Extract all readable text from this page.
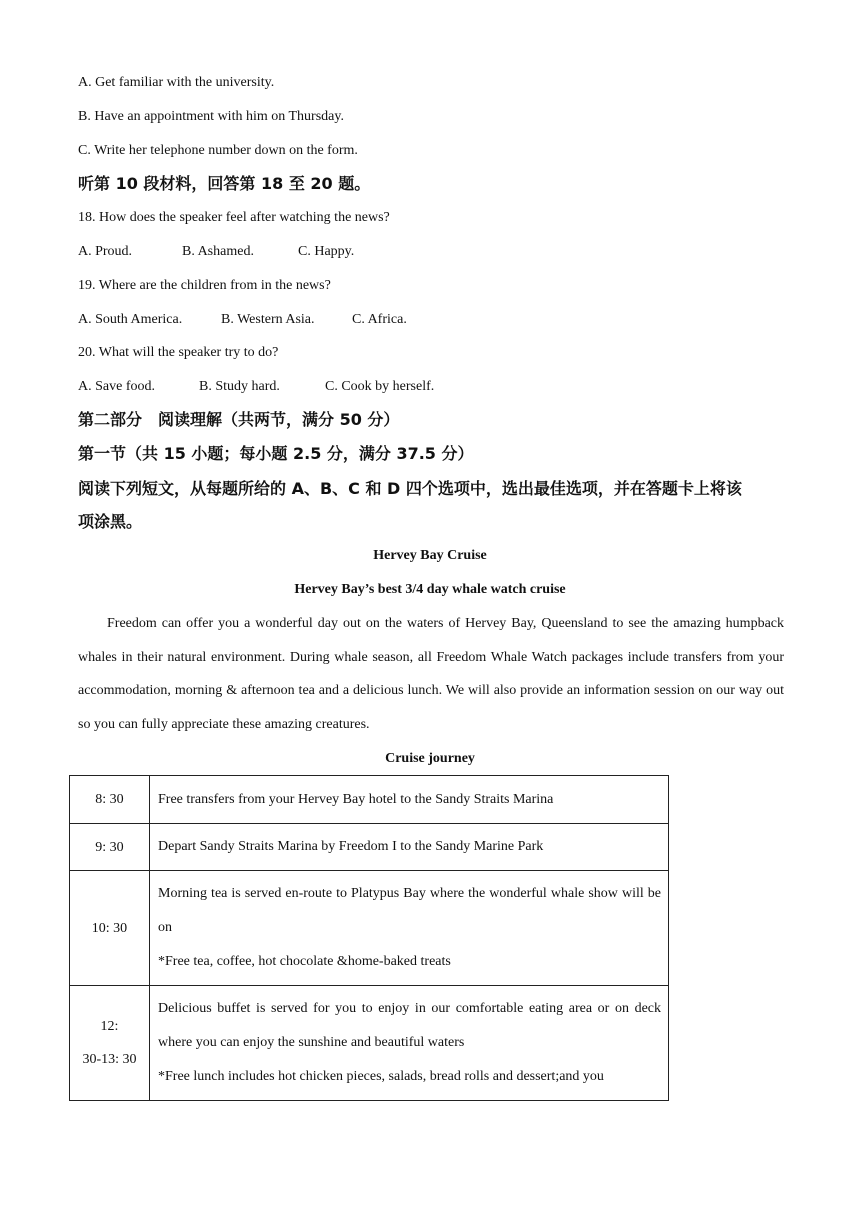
A. Get familiar with the university.
B. Have an appointment with him on Thursday.
C. Write her telephone number down on the form.
听第 10 段材料，回答第 18 至 20 题。
18. How does the speaker feel after watching the news?
A. Proud.	B. Ashamed.	C. Happy.
19. Where are the children from in the news?
A. South America.	B. Western Asia.	C. Africa.
20. What will the speaker try to do?
A. Save food.	B. Study hard.	C. Cook by herself.
第二部分　阅读理解（共两节，满分 50 分）
第一节（共 15 小题；每小题 2.5 分，满分 37.5 分）
阅读下列短文，从每题所给的 A、B、C 和 D 四个选项中，选出最佳选项，并在答题卡上将该
项涂黑。
Hervey Bay Cruise
Hervey Bay’s best 3/4 day whale watch cruise
Freedom can offer you a wonderful day out on the waters of Hervey Bay, Queensland to see the amazing humpback whales in their natural environment. During whale season, all Freedom Whale Watch packages include transfers from your accommodation, morning & afternoon tea and a delicious lunch. We will also provide an information session on our way out so you can fully appreciate these amazing creatures.
Cruise journey
8: 30	Free transfers from your Hervey Bay hotel to the Sandy Straits Marina
9: 30	Depart Sandy Straits Marina by Freedom I to the Sandy Marine Park
10: 30	Morning tea is served en-route to Platypus Bay where the wonderful whale show will be on
*Free tea, coffee, hot chocolate &home-baked treats

12:
30-13: 30	Delicious buffet is served for you to enjoy in our comfortable eating area or on deck where you can enjoy the sunshine and beautiful waters
*Free lunch includes hot chicken pieces, salads, bread rolls and dessert;and you
